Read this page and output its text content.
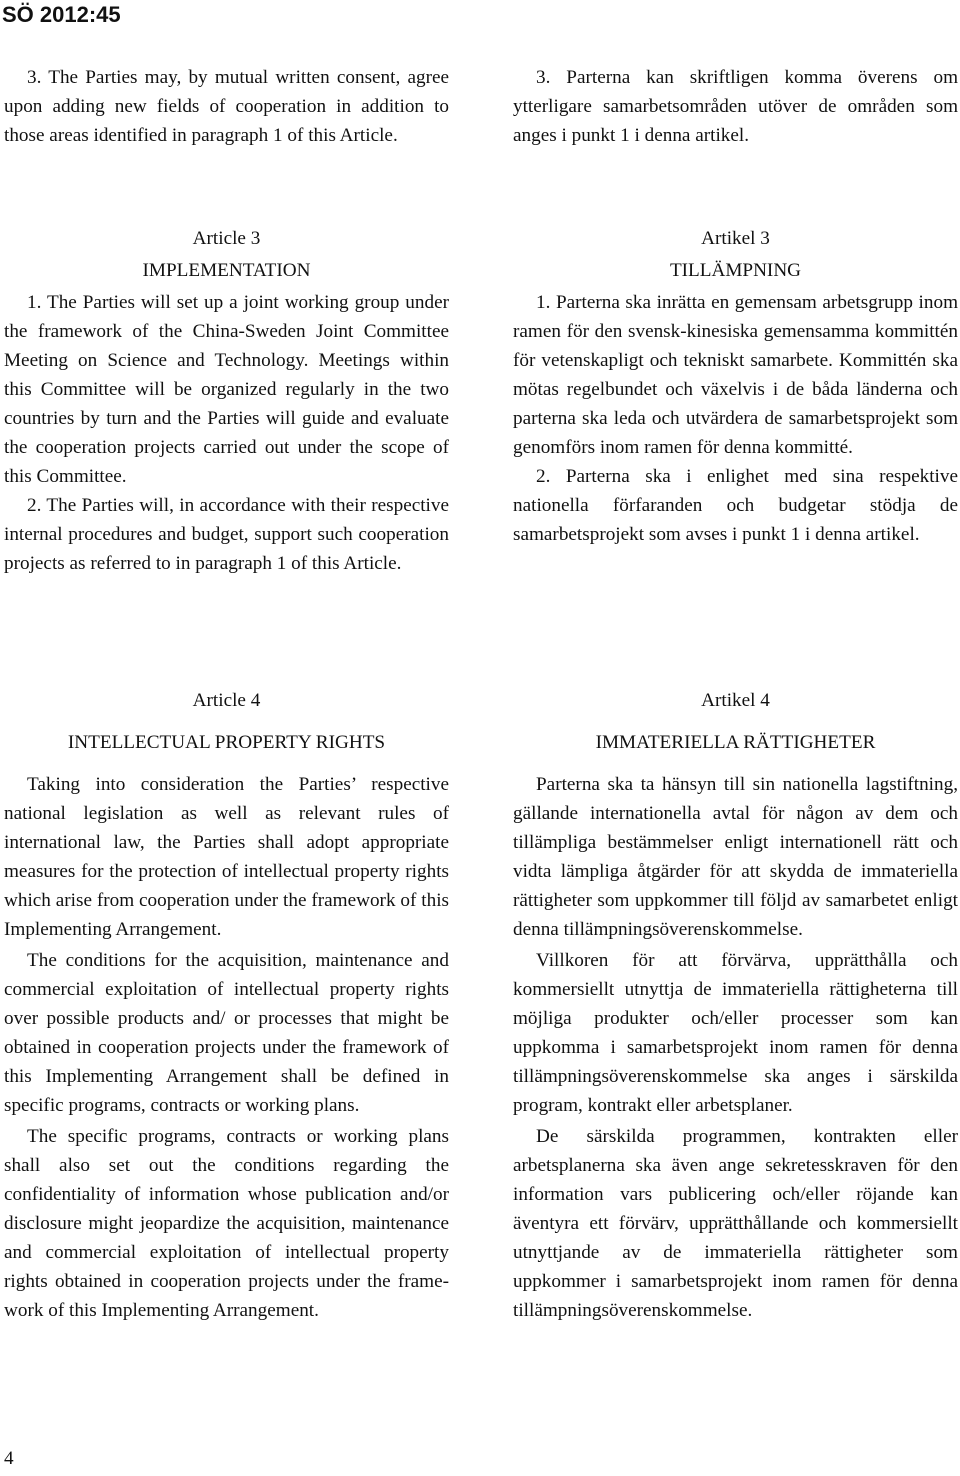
SÖ 2012:45

3. The Parties may, by mutual written consent, agree upon adding new fields of cooperation in addition to those areas identified in paragraph 1 of this Article.

Article 3
IMPLEMENTATION

1. The Parties will set up a joint working group under the framework of the China-Sweden Joint Committee Meeting on Science and Technology. Meetings within this Committee will be organized regularly in the two countries by turn and the Parties will guide and evaluate the cooperation projects carried out under the scope of this Committee.

2. The Parties will, in accordance with their respective internal procedures and budget, support such cooperation projects as referred to in paragraph 1 of this Article.

Article 4
INTELLECTUAL PROPERTY RIGHTS

Taking into consideration the Parties’ respective national legislation as well as relevant rules of international law, the Parties shall adopt appropriate measures for the protection of intellectual property rights which arise from cooperation under the framework of this Implementing Arrangement.

The conditions for the acquisition, maintenance and commercial exploitation of intellectual property rights over possible products and/ or processes that might be obtained in cooperation projects under the framework of this Implementing Arrangement shall be defined in specific programs, contracts or working plans.

The specific programs, contracts or working plans shall also set out the conditions regarding the confidentiality of information whose publication and/or disclosure might jeopardize the acquisition, maintenance and commercial exploitation of intellectual property rights obtained in cooperation projects under the framework of this Implementing Arrangement.

3. Parterna kan skriftligen komma överens om ytterligare samarbetsområden utöver de områden som anges i punkt 1 i denna artikel.

Artikel 3
TILLÄMPNING

1. Parterna ska inrätta en gemensam arbetsgrupp inom ramen för den svensk-kinesiska gemensamma kommittén för vetenskapligt och tekniskt samarbete. Kommittén ska mötas regelbundet och växelvis i de båda länderna och parterna ska leda och utvärdera de samarbetsprojekt som genomförs inom ramen för denna kommitté.

2. Parterna ska i enlighet med sina respektive nationella förfaranden och budgetar stödja de samarbetsprojekt som avses i punkt 1 i denna artikel.

Artikel 4
IMMATERIELLA RÄTTIGHETER

Parterna ska ta hänsyn till sin nationella lagstiftning, gällande internationella avtal för någon av dem och tillämpliga bestämmelser enligt internationell rätt och vidta lämpliga åtgärder för att skydda de immateriella rättigheter som uppkommer till följd av samarbetet enligt denna tillämpningsöverenskommelse.

Villkoren för att förvärva, upprätthålla och kommersiellt utnyttja de immateriella rättigheterna till möjliga produkter och/eller processer som kan uppkomma i samarbetsprojekt inom ramen för denna tillämpningsöverenskommelse ska anges i särskilda program, kontrakt eller arbetsplaner.

De särskilda programmen, kontrakten eller arbetsplanerna ska även ange sekretesskraven för den information vars publicering och/eller röjande kan äventyra ett förvärv, upprätthållande och kommersiellt utnyttjande av de immateriella rättigheter som uppkommer i samarbetsprojekt inom ramen för denna tillämpningsöverenskommelse.

4
